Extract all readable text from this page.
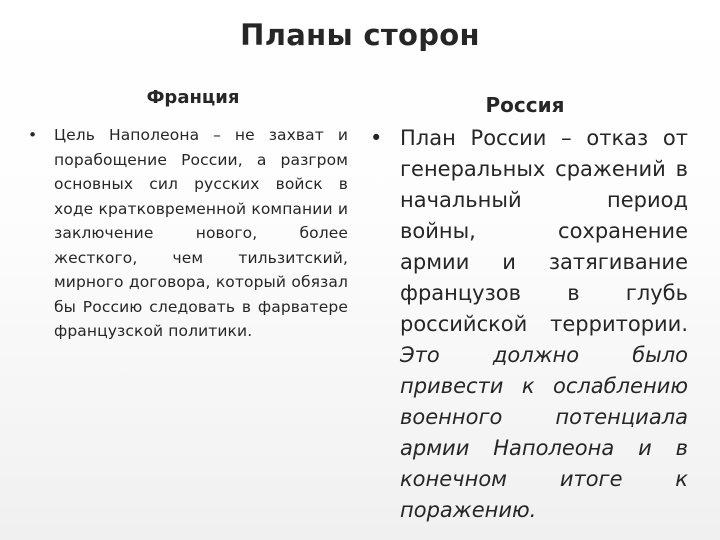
Планы сторон
Франция	Россия
•	Цель Наполеона – не захват и порабощение России, а разгром основных сил русских войск в ходе кратковременной компании и заключение нового, более жесткого, чем тильзитский, мирного договора, который обязал бы Россию следовать в фарватере французской политики.

• План России – отказ от генеральных сражений в начальный период войны, сохранение армии и затягивание французов в глубь российской территории. Это должно было привести к ослаблению военного потенциала армии Наполеона и в конечном итоге к поражению.
